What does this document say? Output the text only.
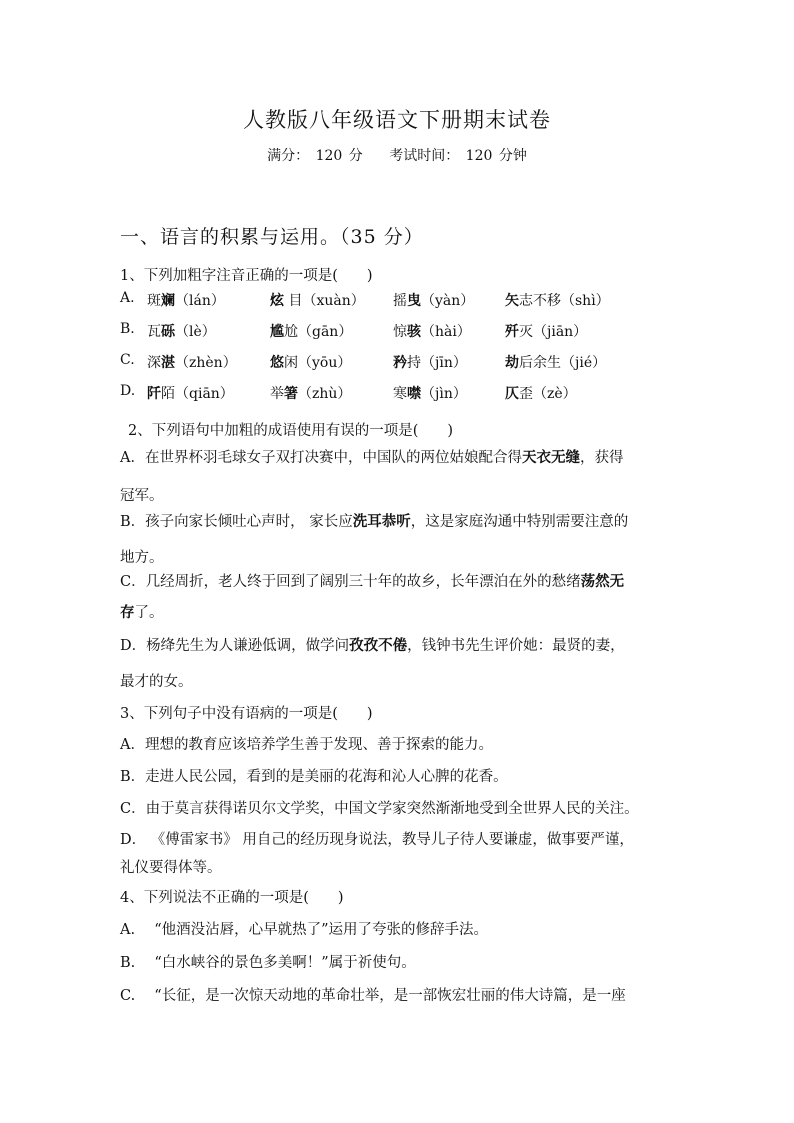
人教版八年级语文下册期末试卷
满分： 120 分 考试时间： 120 分钟
一、语言的积累与运用。（35 分）
1、下列加粗字注音正确的一项是(　　)
A. 斑斓（lán）	炫 目（xuàn） 摇曳（yàn） 矢志不移（shì）
B. 瓦砾（lè）	尴尬（gān）	惊骇（hài） 歼灭（jiān）
C. 深湛（zhèn） 悠闲（yōu）	矜持（jīn）	劫后余生（jié）
D. 阡陌（qiān）	举箸（zhù）	寒噤（jìn）	仄歪（zè）
2、下列语句中加粗的成语使用有误的一项是(　　)
A．在世界杯羽毛球女子双打决赛中，中国队的两位姑娘配合得天衣无缝，获得
冠军。
B．孩子向家长倾吐心声时， 家长应洗耳恭听，这是家庭沟通中特别需要注意的
地方。
C．几经周折，老人终于回到了阔别三十年的故乡，长年漂泊在外的愁绪荡然无
存了。
D．杨绛先生为人谦逊低调，做学问孜孜不倦，钱钟书先生评价她：最贤的妻，
最才的女。
3、下列句子中没有语病的一项是(　　)
A．理想的教育应该培养学生善于发现、善于探索的能力。
B．走进人民公园，看到的是美丽的花海和沁人心脾的花香。
C．由于莫言获得诺贝尔文学奖，中国文学家突然渐渐地受到全世界人民的关注。
D． 《傅雷家书》 用自己的经历现身说法，教导儿子待人要谦虚，做事要严谨，
礼仪要得体等。
4、下列说法不正确的一项是(　　)
A.　 “他酒没沾唇，心早就热了”运用了夸张的修辞手法。
B.　 “白水峡谷的景色多美啊！”属于祈使句。
C.　 “长征，是一次惊天动地的革命壮举，是一部恢宏壮丽的伟大诗篇，是一座
